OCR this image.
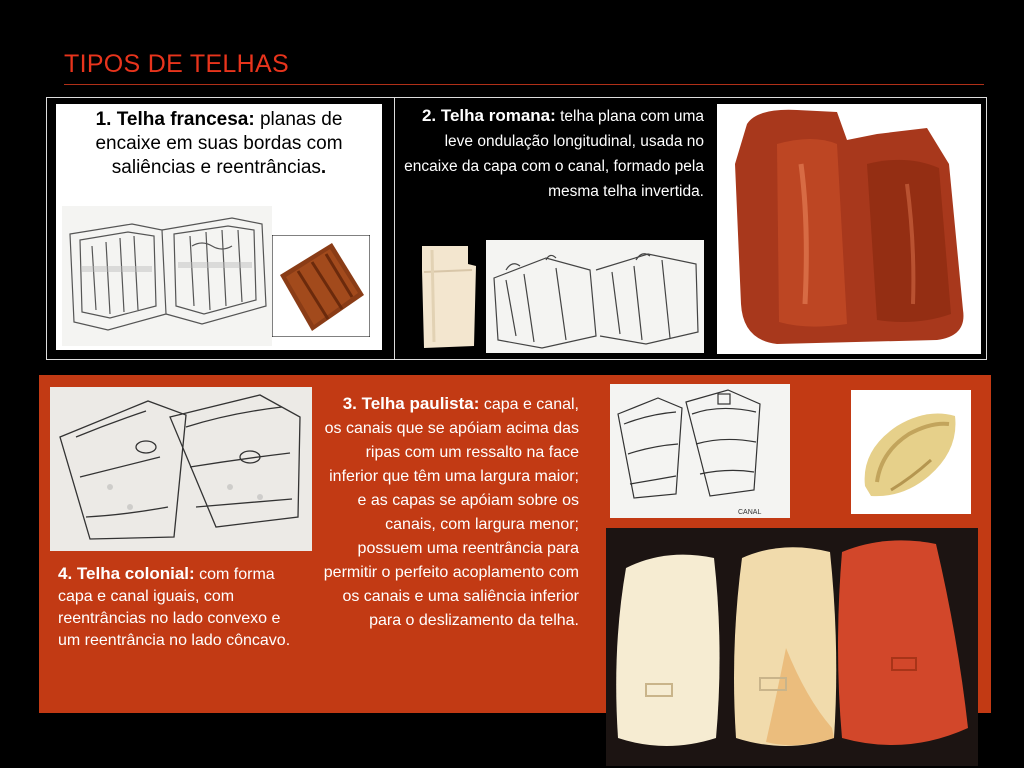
TIPOS DE TELHAS
1. Telha francesa: planas de encaixe em suas bordas com saliências e reentrâncias.
2. Telha romana: telha plana com uma leve ondulação longitudinal, usada no encaixe da capa com o canal, formado pela mesma telha invertida.
4. Telha colonial: com forma capa e canal iguais, com reentrâncias no lado convexo e um reentrância no lado côncavo.
3. Telha paulista: capa e canal, os canais que se apóiam acima das ripas com um ressalto na face inferior que têm uma largura maior; e as capas se apóiam sobre os canais, com largura menor; possuem uma reentrância para permitir o perfeito acoplamento com os canais e uma saliência inferior para o deslizamento da telha.
CANAL
